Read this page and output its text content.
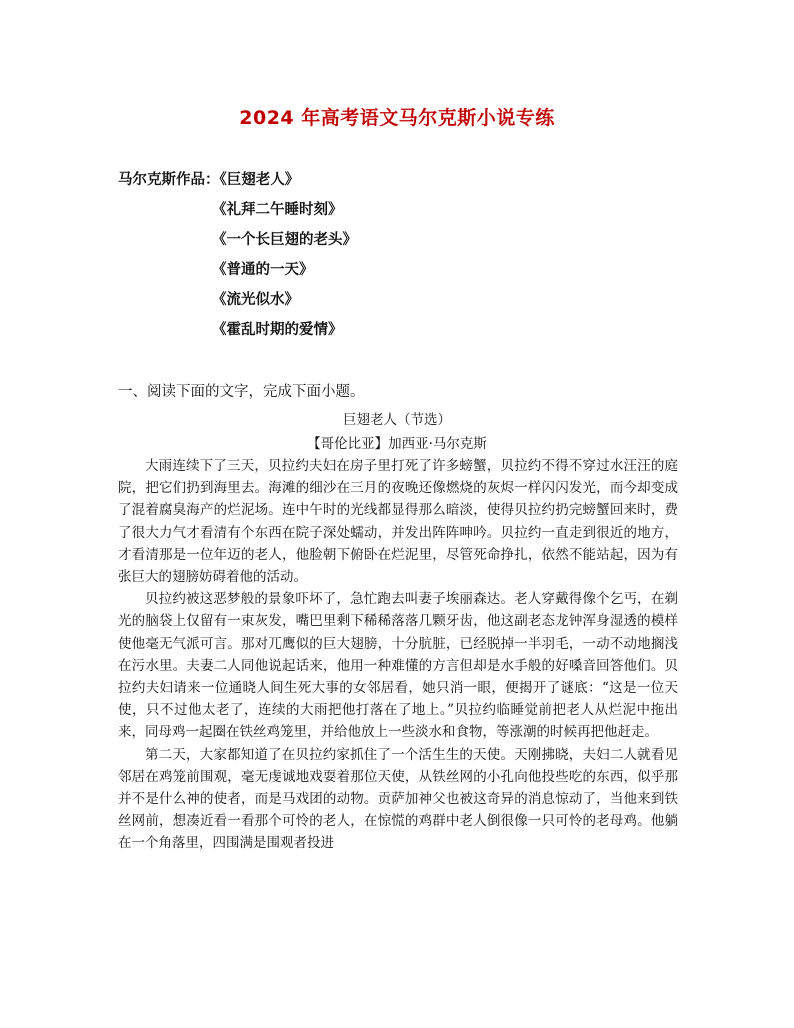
2024 年高考语文马尔克斯小说专练
马尔克斯作品：《巨翅老人》
《礼拜二午睡时刻》
《一个长巨翅的老头》
《普通的一天》
《流光似水》
《霍乱时期的爱情》
一、阅读下面的文字，完成下面小题。
巨翅老人（节选）
【哥伦比亚】加西亚·马尔克斯

大雨连续下了三天，贝拉约夫妇在房子里打死了许多螃蟹，贝拉约不得不穿过水汪汪的庭院，把它们扔到海里去。海滩的细沙在三月的夜晚还像燃烧的灰烬一样闪闪发光，而今却变成了混着腐臭海产的烂泥场。连中午时的光线都显得那么暗淡，使得贝拉约扔完螃蟹回来时，费了很大力气才看清有个东西在院子深处蠕动，并发出阵阵呻吟。贝拉约一直走到很近的地方，才看清那是一位年迈的老人，他脸朝下俯卧在烂泥里，尽管死命挣扎，依然不能站起，因为有张巨大的翅膀妨碍着他的活动。

贝拉约被这恶梦般的景象吓坏了，急忙跑去叫妻子埃丽森达。老人穿戴得像个乞丐，在剃光的脑袋上仅留有一束灰发，嘴巴里剩下稀稀落落几颗牙齿，他这副老态龙钟浑身湿透的模样使他毫无气派可言。那对兀鹰似的巨大翅膀，十分肮脏，已经脱掉一半羽毛，一动不动地搁浅在污水里。夫妻二人同他说起话来，他用一种难懂的方言但却是水手般的好嗓音回答他们。贝拉约夫妇请来一位通晓人间生死大事的女邻居看，她只消一眼，便揭开了谜底：“这是一位天使，只不过他太老了，连续的大雨把他打落在了地上。”贝拉约临睡觉前把老人从烂泥中拖出来，同母鸡一起圈在铁丝鸡笼里，并给他放上一些淡水和食物，等涨潮的时候再把他赶走。

第二天，大家都知道了在贝拉约家抓住了一个活生生的天使。天刚拂晓，夫妇二人就看见邻居在鸡笼前围观，毫无虔诚地戏耍着那位天使，从铁丝网的小孔向他投些吃的东西，似乎那并不是什么神的使者，而是马戏团的动物。贡萨加神父也被这奇异的消息惊动了，当他来到铁丝网前，想凑近看一看那个可怜的老人，在惊慌的鸡群中老人倒很像一只可怜的老母鸡。他躺在一个角落里，四围满是围观者投进
